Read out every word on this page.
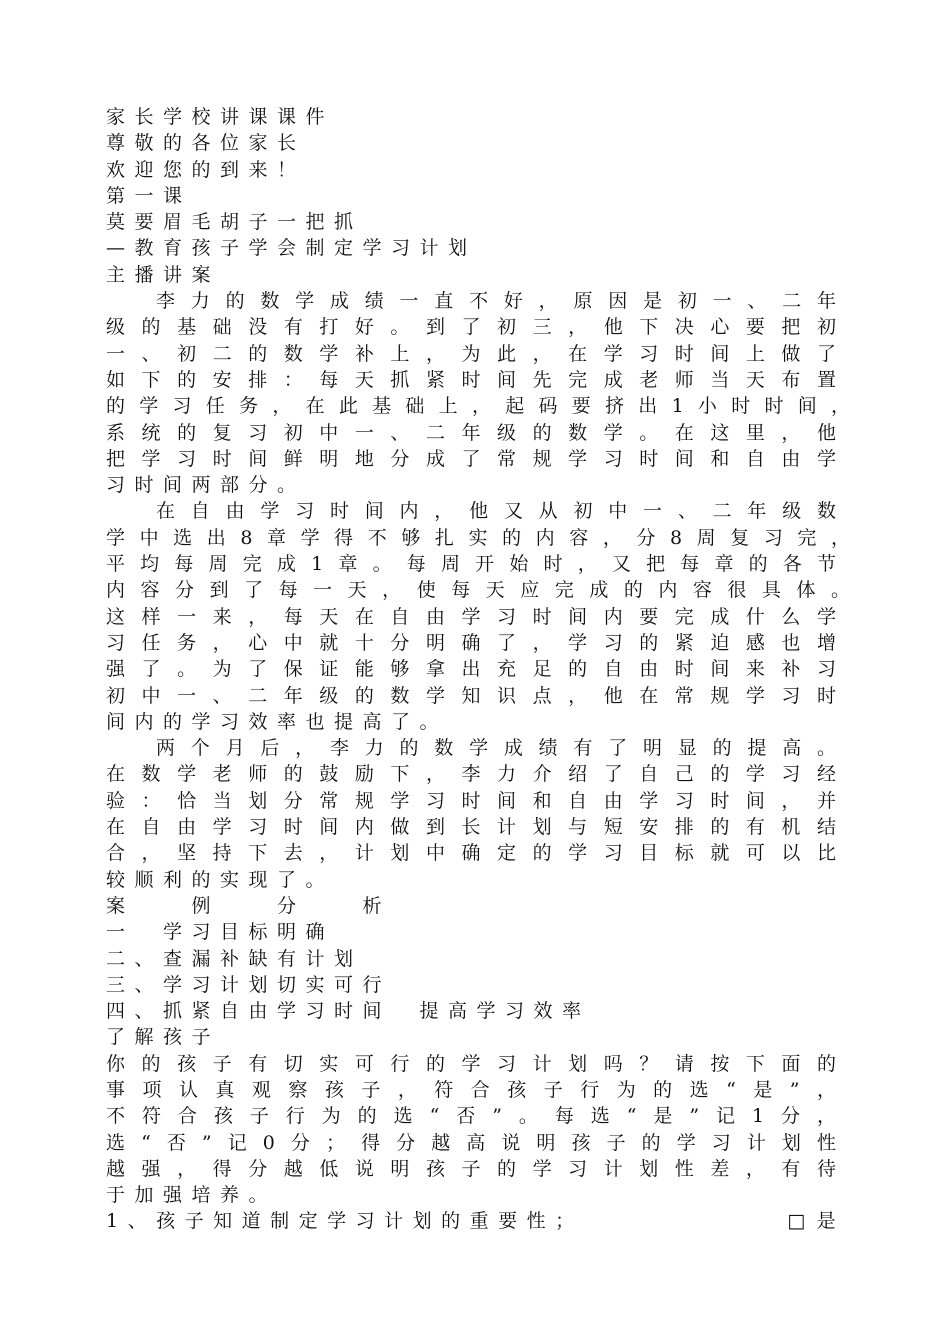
家长学校讲课课件
尊敬的各位家长
欢迎您的到来！
第一课
莫要眉毛胡子一把抓
—教育孩子学会制定学习计划
主播讲案
李力的数学成绩一直不好，原因是初一、二年
级的基础没有打好。到了初三，他下决心要把初
一、初二的数学补上，为此，在学习时间上做了
如下的安排：每天抓紧时间先完成老师当天布置
的学习任务，在此基础上，起码要挤出1小时时间，
系统的复习初中一、二年级的数学。在这里，他
把学习时间鲜明地分成了常规学习时间和自由学
习时间两部分。
在自由学习时间内，他又从初中一、二年级数
学中选出8章学得不够扎实的内容，分8周复习完，
平均每周完成1章。每周开始时，又把每章的各节
内容分到了每一天，使每天应完成的内容很具体。
这样一来，每天在自由学习时间内要完成什么学
习任务，心中就十分明确了，学习的紧迫感也增
强了。为了保证能够拿出充足的自由时间来补习
初中一、二年级的数学知识点，他在常规学习时
间内的学习效率也提高了。
两个月后，李力的数学成绩有了明显的提高。
在数学老师的鼓励下，李力介绍了自己的学习经
验：恰当划分常规学习时间和自由学习时间，并
在自由学习时间内做到长计划与短安排的有机结
合，坚持下去，计划中确定的学习目标就可以比
较顺利的实现了。
案　　例　　分　　析
一　学习目标明确
二、查漏补缺有计划
三、学习计划切实可行
四、抓紧自由学习时间　提高学习效率
了解孩子
你的孩子有切实可行的学习计划吗？请按下面的
事项认真观察孩子，符合孩子行为的选“是”，
不符合孩子行为的选“否”。每选“是”记1分，
选“否”记0分；得分越高说明孩子的学习计划性
越强，得分越低说明孩子的学习计划性差，有待
于加强培养。
1、孩子知道制定学习计划的重要性；	□是
